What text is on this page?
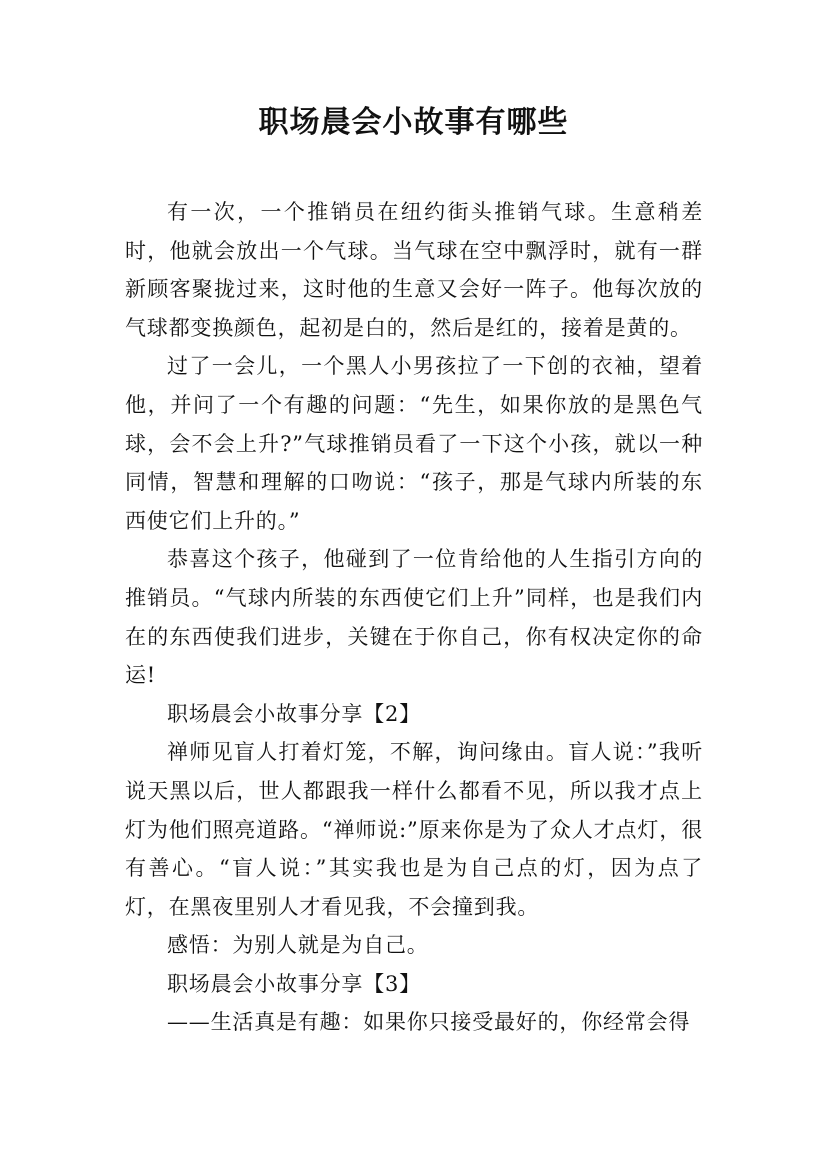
职场晨会小故事有哪些

有一次，一个推销员在纽约街头推销气球。生意稍差时，他就会放出一个气球。当气球在空中飘浮时，就有一群新顾客聚拢过来，这时他的生意又会好一阵子。他每次放的气球都变换颜色，起初是白的，然后是红的，接着是黄的。

过了一会儿，一个黑人小男孩拉了一下创的衣袖，望着他，并问了一个有趣的问题：“先生，如果你放的是黑色气球，会不会上升?”气球推销员看了一下这个小孩，就以一种同情，智慧和理解的口吻说：“孩子，那是气球内所装的东西使它们上升的。”

恭喜这个孩子，他碰到了一位肯给他的人生指引方向的推销员。“气球内所装的东西使它们上升”同样，也是我们内在的东西使我们进步，关键在于你自己，你有权决定你的命运!

职场晨会小故事分享【2】

禅师见盲人打着灯笼，不解，询问缘由。盲人说：”我听说天黑以后，世人都跟我一样什么都看不见，所以我才点上灯为他们照亮道路。“禅师说:”原来你是为了众人才点灯，很有善心。“盲人说：”其实我也是为自己点的灯，因为点了灯，在黑夜里别人才看见我，不会撞到我。

感悟：为别人就是为自己。

职场晨会小故事分享【3】

——生活真是有趣：如果你只接受最好的，你经常会得
